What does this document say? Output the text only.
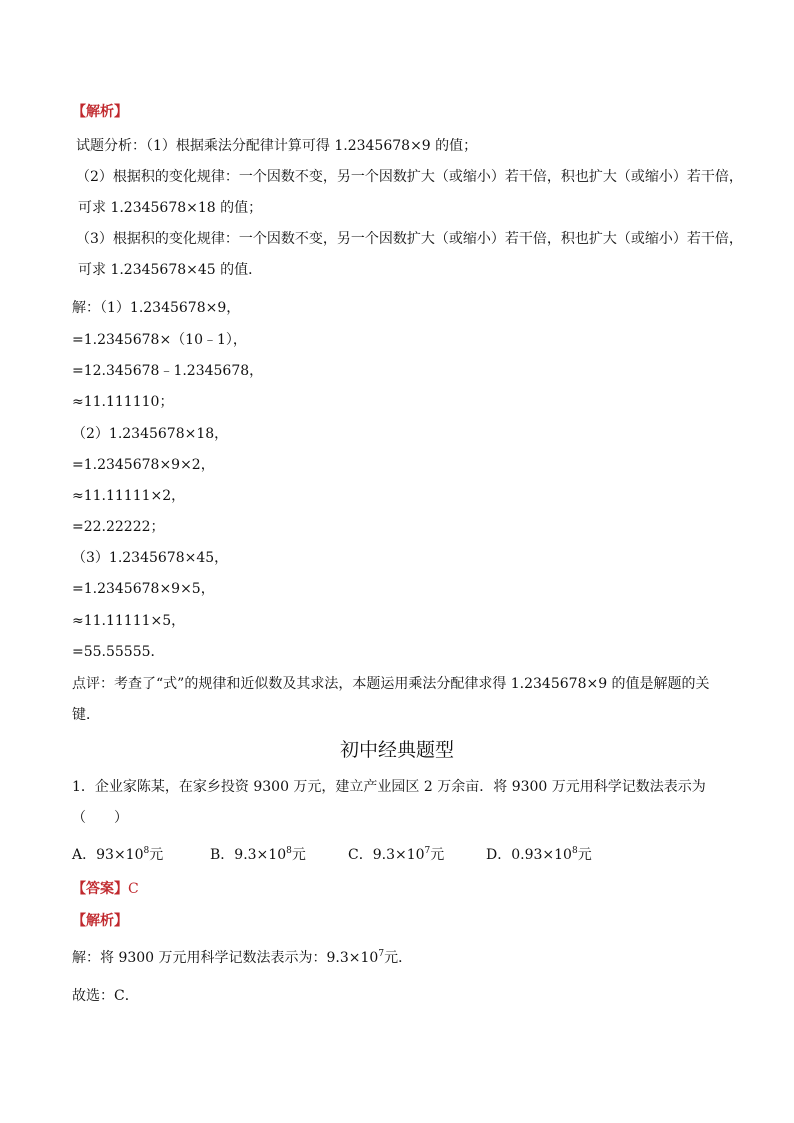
【解析】
试题分析：（1）根据乘法分配律计算可得 1.2345678×9 的值；
（2）根据积的变化规律：一个因数不变，另一个因数扩大（或缩小）若干倍，积也扩大（或缩小）若干倍，
可求 1.2345678×18 的值；
（3）根据积的变化规律：一个因数不变，另一个因数扩大（或缩小）若干倍，积也扩大（或缩小）若干倍，
可求 1.2345678×45 的值．
解：（1）1.2345678×9，
=1.2345678×（10﹣1），
=12.345678﹣1.2345678，
≈11.111110；
（2）1.2345678×18，
=1.2345678×9×2，
≈11.11111×2，
=22.22222；
（3）1.2345678×45，
=1.2345678×9×5，
≈11.11111×5，
=55.55555．
点评：考查了“式”的规律和近似数及其求法，本题运用乘法分配律求得 1.2345678×9 的值是解题的关
键．
初中经典题型
1．企业家陈某，在家乡投资 9300 万元，建立产业园区 2 万余亩．将 9300 万元用科学记数法表示为
（　　）
A．$93\times 10^8$元	B．$9.3\times 10^8$元	C．$9.3\times 10^7$元	D．$0.93\times 10^8$元
【答案】C
【解析】
解：将 9300 万元用科学记数法表示为：$9.3\times 10^7$元．
故选：C．
